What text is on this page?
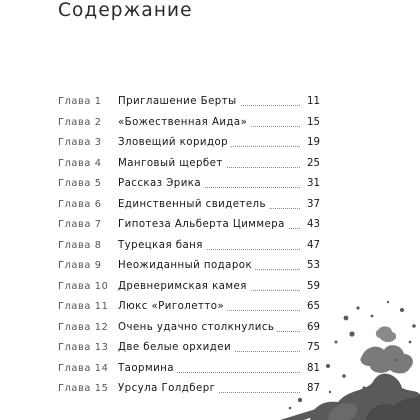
Содержание
Глава 1	Приглашение Берты	11
Глава 2	«Божественная Аида»	15
Глава 3	Зловещий коридор	19
Глава 4	Манговый щербет	25
Глава 5	Рассказ Эрика	31
Глава 6	Единственный свидетель	37
Глава 7	Гипотеза Альберта Циммера	43
Глава 8	Турецкая баня	47
Глава 9	Неожиданный подарок	53
Глава 10 Древнеримская камея	59
Глава 11 Люкс «Риголетто»	65
Глава 12 Очень удачно столкнулись	69
Глава 13 Две белые орхидеи	75
Глава 14 Таормина	81
Глава 15 Урсула Голдберг	87
